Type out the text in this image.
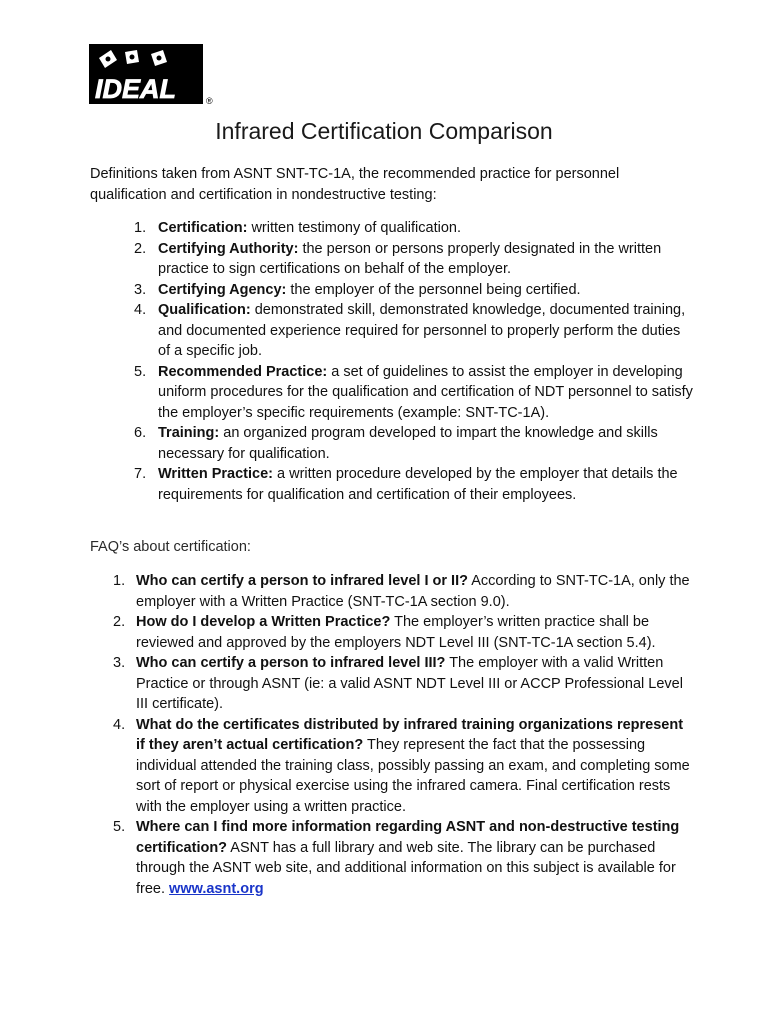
IDEAL	®
Infrared Certification Comparison

Definitions taken from ASNT SNT-TC-1A, the recommended practice for personnel qualification and certification in nondestructive testing:

1. Certification: written testimony of qualification.
2. Certifying Authority: the person or persons properly designated in the written practice to sign certifications on behalf of the employer.
3. Certifying Agency: the employer of the personnel being certified.
4. Qualification: demonstrated skill, demonstrated knowledge, documented training, and documented experience required for personnel to properly perform the duties of a specific job.
5. Recommended Practice: a set of guidelines to assist the employer in developing uniform procedures for the qualification and certification of NDT personnel to satisfy the employer’s specific requirements (example: SNT-TC-1A).
6. Training: an organized program developed to impart the knowledge and skills necessary for qualification.
7. Written Practice: a written procedure developed by the employer that details the requirements for qualification and certification of their employees.

FAQ’s about certification:

1. Who can certify a person to infrared level I or II? According to SNT-TC-1A, only the employer with a Written Practice (SNT-TC-1A section 9.0).
2. How do I develop a Written Practice? The employer’s written practice shall be reviewed and approved by the employers NDT Level III (SNT-TC-1A section 5.4).
3. Who can certify a person to infrared level III? The employer with a valid Written Practice or through ASNT (ie: a valid ASNT NDT Level III or ACCP Professional Level III certificate).
4. What do the certificates distributed by infrared training organizations represent if they aren’t actual certification? They represent the fact that the possessing individual attended the training class, possibly passing an exam, and completing some sort of report or physical exercise using the infrared camera. Final certification rests with the employer using a written practice.
5. Where can I find more information regarding ASNT and non-destructive testing certification? ASNT has a full library and web site. The library can be purchased through the ASNT web site, and additional information on this subject is available for free. www.asnt.org
